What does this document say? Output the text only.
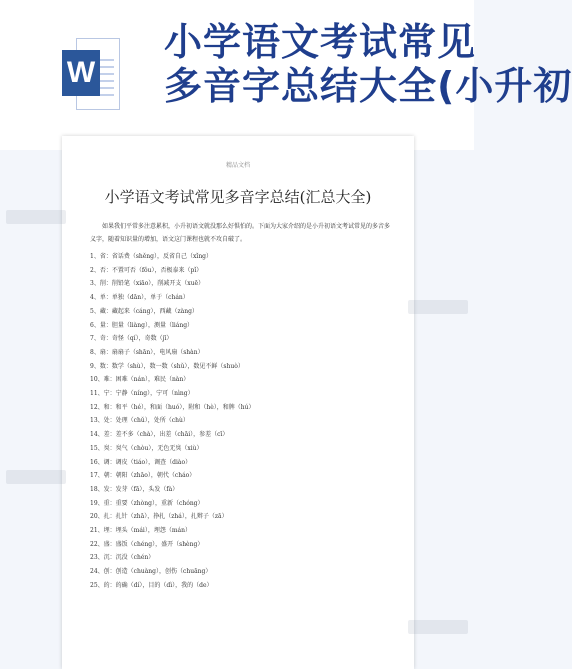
W
小学语文考试常见
多音字总结大全(小升初
精品文档
小学语文考试常见多音字总结(汇总大全)
如果我们平常多注意累积，小升初语文就没那么好惧怕的。下面为大家介绍的是小升初语文考试常见的多音多义字，随着知识量的增加，语文这门课程也就不攻自破了。
1、省：省话费（shěng），反省自己（xǐng）
2、否：不置可否（fǒu），否极泰来（pǐ）
3、削：削铅笔（xiāo），削减开支（xuē）
4、单：单独（dān），单于（chán）
5、藏：藏起来（cáng），西藏（zàng）
6、量：胆量（liàng），测量（liáng）
7、奇：奇怪（qí），奇数（jī）
8、扇：扇扇子（shān），电风扇（shàn）
9、数：数学（shù），数一数（shǔ），数见不鲜（shuò）
10、难：困难（nán），难民（nàn）
11、宁：宁静（níng），宁可（nìng）
12、和：和平（hé），和面（huó），附和（hè），和牌（hú）
13、处：处理（chǔ），处所（chù）
14、差：差不多（chà），出差（chāi），参差（cī）
15、臭：臭气（chòu），无色无臭（xiù）
16、调：调皮（tiáo），调查（diào）
17、朝：朝阳（zhāo），朝代（cháo）
18、发：发芽（fā），头发（fà）
19、重：重要（zhòng），重新（chóng）
20、扎：扎针（zhā），挣扎（zhá），扎辫子（zā）
21、埋：埋头（mái），埋怨（mán）
22、盛：盛饭（chéng），盛开（shèng）
23、沉：沉没（chén）
24、创：创造（chuàng），创伤（chuāng）
25、的：的确（dí），目的（dì），我的（de）
